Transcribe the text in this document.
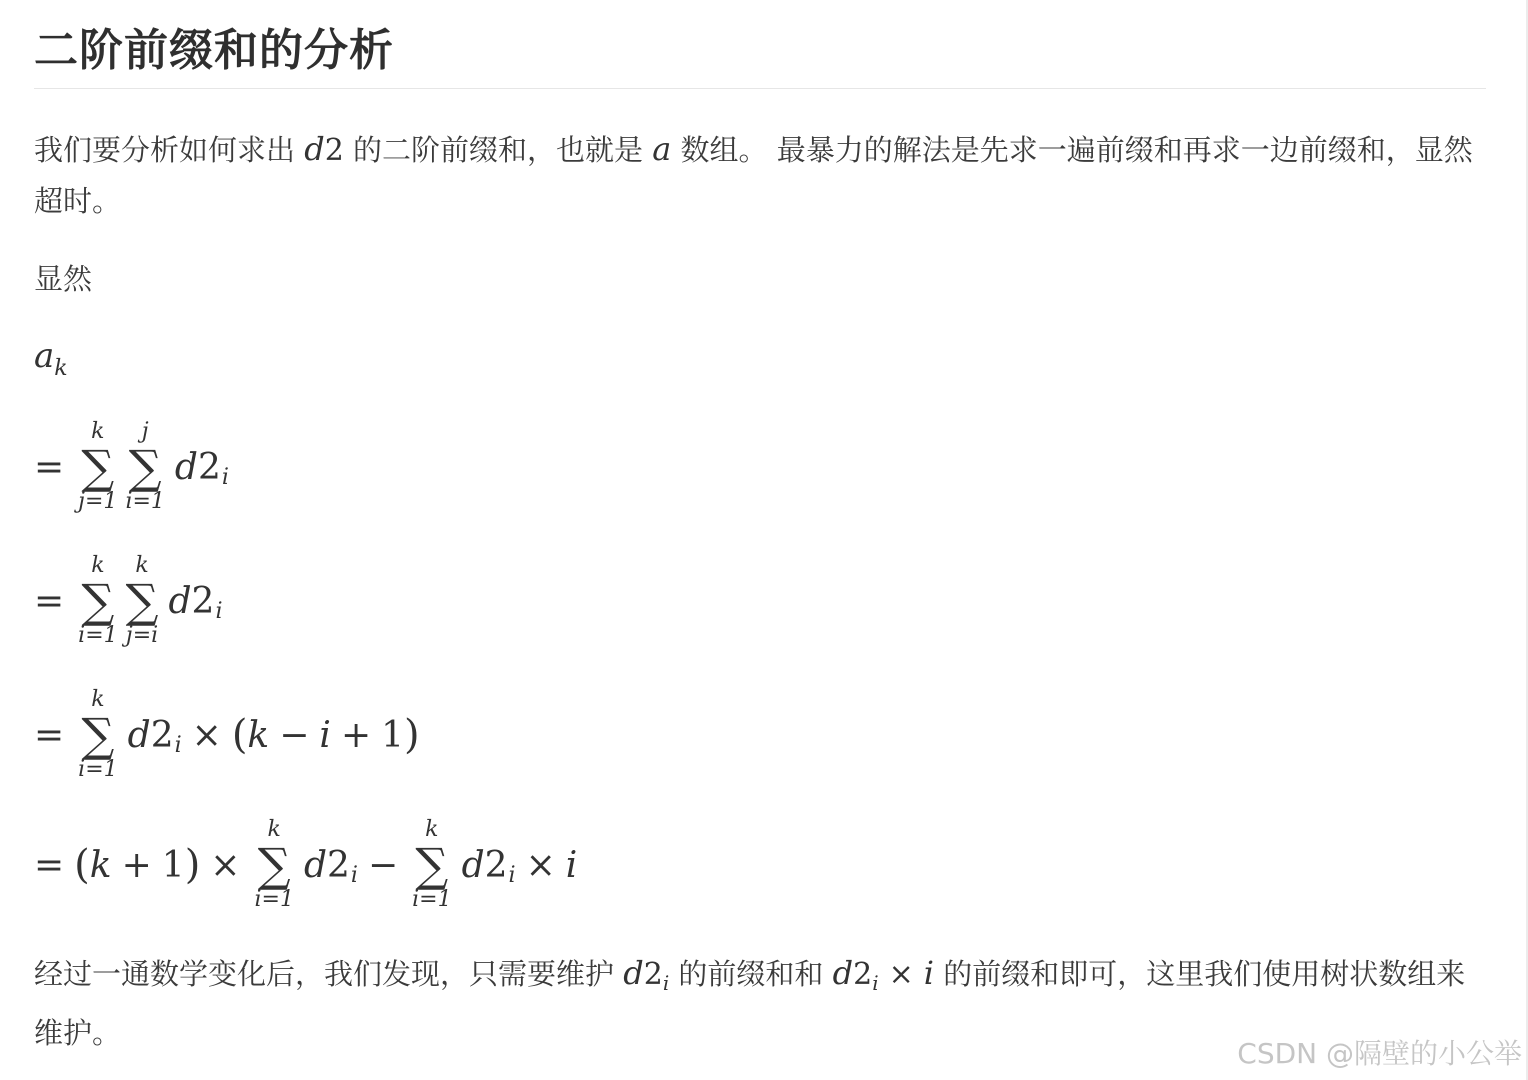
二阶前缀和的分析

我们要分析如何求出 d2 的二阶前缀和，也就是 a 数组。 最暴力的解法是先求一遍前缀和再求一边前缀和，显然超时。

显然

$a_k$
=
k
∑
j=1
j
∑
i=1
d 2 i
=
k
∑
i=1
k
∑
j=i
d 2 i
=
k
∑
i=1
d 2 i × ( k − i + 1 )
= ( k + 1 ) ×
k
∑
i=1
d 2 i −
k
∑
i=1
d 2 i × i

经过一通数学变化后，我们发现，只需要维护 $d2_i$ 的前缀和和 $d2_i \times i$ 的前缀和即可，这里我们使用树状数组来维护。

CSDN @隔壁的小公举
